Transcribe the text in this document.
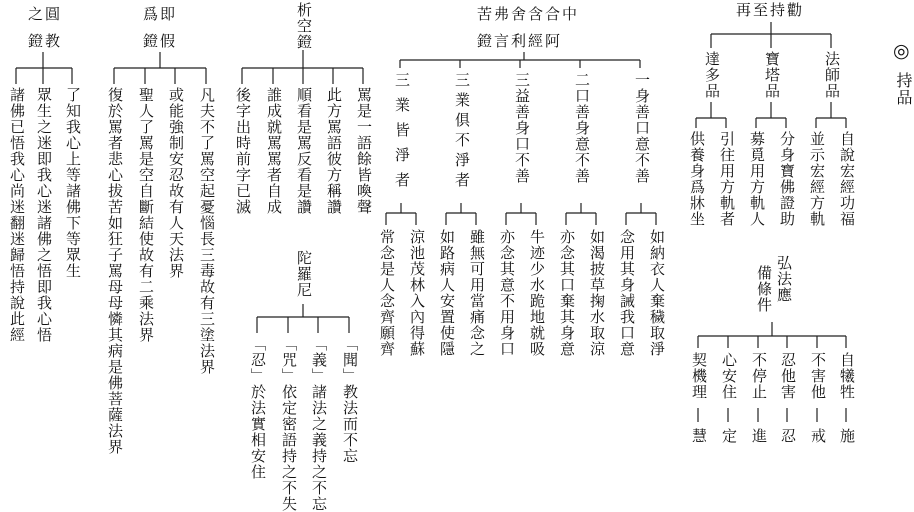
◎
持品
之圓
鐙教
了知我心上等諸佛下等眾生
眾生之迷即我心迷諸佛之悟即我心悟
諸佛已悟我心尚迷翻迷歸悟持說此經
爲即
鐙假
凡夫不了罵空起憂惱長三毒故有三塗法界
或能強制安忍故有人天法界
聖人了罵是空自斷結使故有二乘法界
復於罵者悲心拔苦如狂子罵母母憐其病是佛菩薩法界
析空鐙
罵是一語餘皆喚聲
此方罵語彼方稱讚
順看是罵反看是讚
誰成就罵罵者自成
後字出時前字已滅
陀羅尼
「聞」教法而不忘
「義」諸法之義持之不忘
「咒」依定密語持之不失
「忍」於法實相安住
苦弗舍含合中
鐙言利經阿
一身善口意不善
二口善身意不善
三益善身口不善
三業俱不淨者
三業皆淨者
如納衣人棄穢取淨
念用其身誡我口意
如渴披草掬水取涼
亦念其口棄其身意
牛迹少水跪地就吸
亦念其意不用身口
雖無可用當痛念之
如路病人安置使隱
涼池茂林入內得蘇
常念是人念齊願齊
再至持勸
法師品
寶塔品
達多品
自說宏經功福
並示宏經方軌
分身寶佛證助
募覓用方軌人
引往用方軌者
供養身爲牀坐
弘法應
備條件
自犧牲
不害他
忍他害
不停止
心安住
契機理
施
戒
忍
進
定
慧
